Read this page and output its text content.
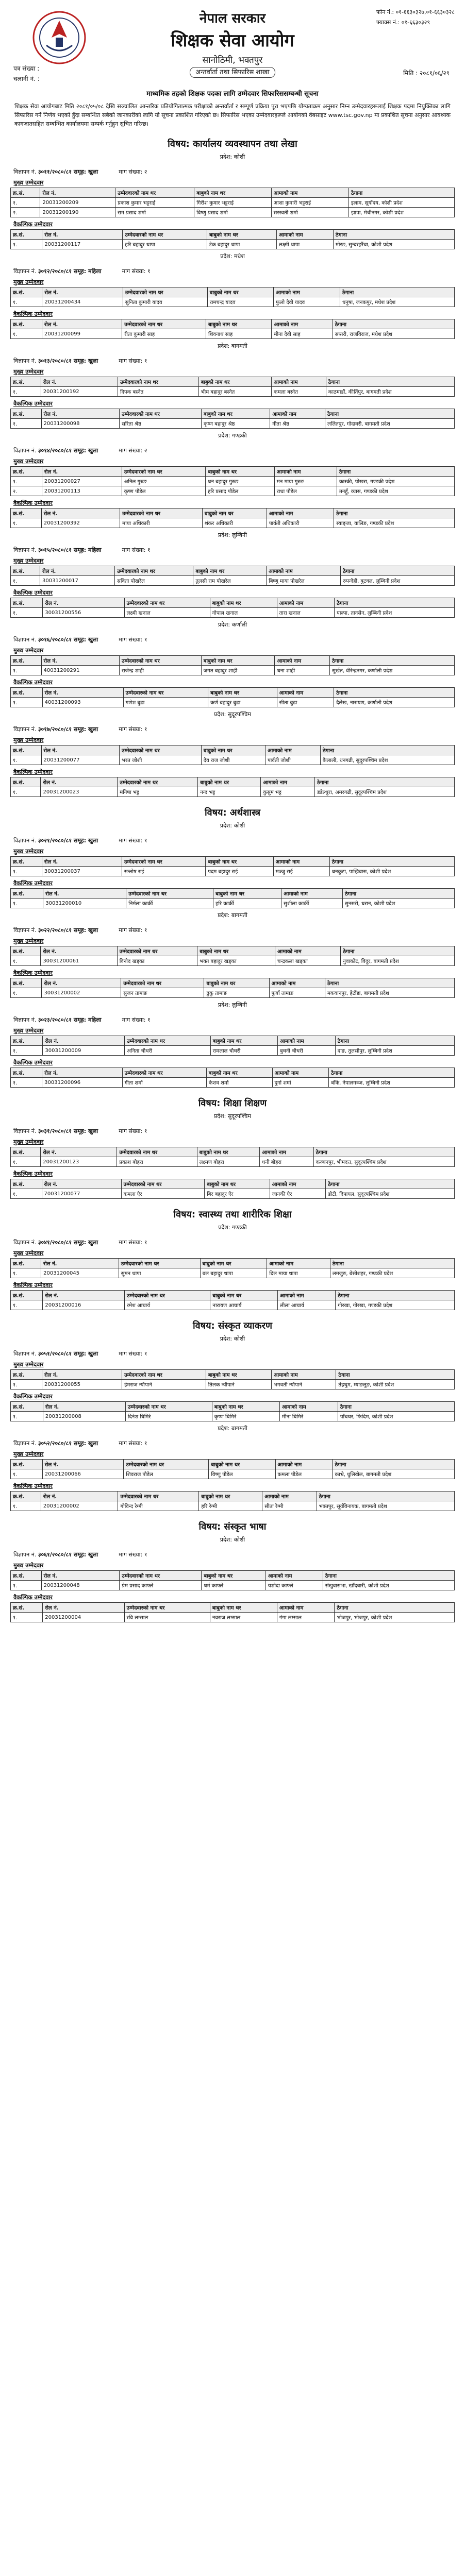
नेपाल सरकार
शिक्षक सेवा आयोग
सानोठिमी, भक्तपुर
फोन नं.: ०१-६६३०३२७,०१-६६३०३२८
फ्याक्स नं.: ०१-६६३०३२९
पत्र संख्या :
चलानी नं. :
अन्तर्वार्ता तथा सिफारिस शाखा	मिति : २०८१/०६/२९
माध्यमिक तहको शिक्षक पदका लागि उम्मेदवार सिफारिससम्बन्धी सूचना
शिक्षक सेवा आयोगबाट मिति २०८१/०५/०८ देखि सञ्चालित आन्तरिक प्रतियोगितात्मक परीक्षाको अन्तर्वार्ता र सम्पूर्ण प्रक्रिया पूरा भएपछि योग्यताक्रम अनुसार निम्न उम्मेदवारहरूलाई शिक्षक पदमा नियुक्तिका लागि सिफारिस गर्ने निर्णय भएको हुँदा सम्बन्धित सबैको जानकारीको लागि यो सूचना प्रकाशित गरिएको छ। सिफारिस भएका उम्मेदवारहरूले आयोगको वेबसाइट www.tsc.gov.np मा प्रकाशित सूचना अनुसार आवश्यक कागजातसहित सम्बन्धित कार्यालयमा सम्पर्क गर्नुहुन सूचित गरिन्छ।
विषय: कार्यालय व्यवस्थापन तथा लेखा
प्रदेश: कोशी
विज्ञापन नं. ३०११/२०८०/८१ समूह: खुला	माग संख्या: २
मुख्य उम्मेदवार
क्र.सं.	रोल नं.	उम्मेदवारको नाम थर	बाबुको नाम थर	आमाको नाम	ठेगाना
१.	20031200209	प्रकाश कुमार भट्टराई	गिरीश कुमार भट्टराई	आशा कुमारी भट्टराई	इलाम, सूर्योदय, कोशी प्रदेश
२.	20031200190	राम प्रसाद शर्मा	विष्णु प्रसाद शर्मा	सरस्वती शर्मा	झापा, मेचीनगर, कोशी प्रदेश
वैकल्पिक उम्मेदवार
क्र.सं.	रोल नं.	उम्मेदवारको नाम थर	बाबुको नाम थर	आमाको नाम	ठेगाना
१.	20031200117	हरि बहादुर थापा	टेक बहादुर थापा	लक्ष्मी थापा	मोरङ, सुन्दरहरैंचा, कोशी प्रदेश
प्रदेश: मधेश
विज्ञापन नं. ३०१२/२०८०/८१ समूह: महिला	माग संख्या: १
मुख्य उम्मेदवार
क्र.सं.	रोल नं.	उम्मेदवारको नाम थर	बाबुको नाम थर	आमाको नाम	ठेगाना
१.	20031200434	सुनिता कुमारी यादव	रामचन्द्र यादव	फुलो देवी यादव	धनुषा, जनकपुर, मधेश प्रदेश
वैकल्पिक उम्मेदवार
क्र.सं.	रोल नं.	उम्मेदवारको नाम थर	बाबुको नाम थर	आमाको नाम	ठेगाना
१.	20031200099	रीता कुमारी साह	शिवनाथ साह	मीना देवी साह	सप्तरी, राजविराज, मधेश प्रदेश
प्रदेश: बागमती
विज्ञापन नं. ३०१३/२०८०/८१ समूह: खुला	माग संख्या: १
मुख्य उम्मेदवार
क्र.सं.	रोल नं.	उम्मेदवारको नाम थर	बाबुको नाम थर	आमाको नाम	ठेगाना
१.	20031200192	दिपक बस्नेत	भीम बहादुर बस्नेत	कमला बस्नेत	काठमाडौं, कीर्तिपुर, बागमती प्रदेश
वैकल्पिक उम्मेदवार
क्र.सं.	रोल नं.	उम्मेदवारको नाम थर	बाबुको नाम थर	आमाको नाम	ठेगाना
१.	20031200098	सरिता श्रेष्ठ	कृष्ण बहादुर श्रेष्ठ	गीता श्रेष्ठ	ललितपुर, गोदावरी, बागमती प्रदेश
प्रदेश: गण्डकी
विज्ञापन नं. ३०१४/२०८०/८१ समूह: खुला	माग संख्या: २
मुख्य उम्मेदवार
क्र.सं.	रोल नं.	उम्मेदवारको नाम थर	बाबुको नाम थर	आमाको नाम	ठेगाना
१.	20031200027	अनिल गुरुङ	धन बहादुर गुरुङ	मन माया गुरुङ	कास्की, पोखरा, गण्डकी प्रदेश
२.	20031200113	कृष्ण पौडेल	हरि प्रसाद पौडेल	राधा पौडेल	तनहुँ, व्यास, गण्डकी प्रदेश
वैकल्पिक उम्मेदवार
क्र.सं.	रोल नं.	उम्मेदवारको नाम थर	बाबुको नाम थर	आमाको नाम	ठेगाना
१.	20031200392	माया अधिकारी	शंकर अधिकारी	पार्वती अधिकारी	स्याङ्जा, वालिङ, गण्डकी प्रदेश
प्रदेश: लुम्बिनी
विज्ञापन नं. ३०१५/२०८०/८१ समूह: महिला	माग संख्या: १
मुख्य उम्मेदवार
क्र.सं.	रोल नं.	उम्मेदवारको नाम थर	बाबुको नाम थर	आमाको नाम	ठेगाना
१.	30031200017	सविता पोखरेल	तुलसी राम पोखरेल	बिष्णु माया पोखरेल	रुपन्देही, बुटवल, लुम्बिनी प्रदेश
वैकल्पिक उम्मेदवार
क्र.सं.	रोल नं.	उम्मेदवारको नाम थर	बाबुको नाम थर	आमाको नाम	ठेगाना
१.	30031200556	लक्ष्मी खनाल	गोपाल खनाल	तारा खनाल	पाल्पा, तानसेन, लुम्बिनी प्रदेश
प्रदेश: कर्णाली
विज्ञापन नं. ३०१६/२०८०/८१ समूह: खुला	माग संख्या: १
मुख्य उम्मेदवार
क्र.सं.	रोल नं.	उम्मेदवारको नाम थर	बाबुको नाम थर	आमाको नाम	ठेगाना
१.	40031200291	राजेन्द्र शाही	जगत बहादुर शाही	धना शाही	सुर्खेत, वीरेन्द्रनगर, कर्णाली प्रदेश
वैकल्पिक उम्मेदवार
क्र.सं.	रोल नं.	उम्मेदवारको नाम थर	बाबुको नाम थर	आमाको नाम	ठेगाना
१.	40031200093	गणेश बुढा	कर्ण बहादुर बुढा	सीता बुढा	दैलेख, नारायण, कर्णाली प्रदेश
प्रदेश: सुदूरपश्चिम
विज्ञापन नं. ३०१७/२०८०/८१ समूह: खुला	माग संख्या: १
मुख्य उम्मेदवार
क्र.सं.	रोल नं.	उम्मेदवारको नाम थर	बाबुको नाम थर	आमाको नाम	ठेगाना
१.	20031200077	भरत जोशी	देव राज जोशी	पार्वती जोशी	कैलाली, धनगढी, सुदूरपश्चिम प्रदेश
वैकल्पिक उम्मेदवार
क्र.सं.	रोल नं.	उम्मेदवारको नाम थर	बाबुको नाम थर	आमाको नाम	ठेगाना
१.	20031200023	मनिषा भट्ट	नन्द भट्ट	कुसुम भट्ट	डडेल्धुरा, अमरगढी, सुदूरपश्चिम प्रदेश
विषय: अर्थशास्त्र
प्रदेश: कोशी
विज्ञापन नं. ३०२१/२०८०/८१ समूह: खुला	माग संख्या: १
मुख्य उम्मेदवार
क्र.सं.	रोल नं.	उम्मेदवारको नाम थर	बाबुको नाम थर	आमाको नाम	ठेगाना
१.	30031200037	सन्तोष राई	पदम बहादुर राई	मञ्जु राई	धनकुटा, पाख्रिबास, कोशी प्रदेश
वैकल्पिक उम्मेदवार
क्र.सं.	रोल नं.	उम्मेदवारको नाम थर	बाबुको नाम थर	आमाको नाम	ठेगाना
१.	30031200010	निर्मला कार्की	हरि कार्की	सुशीला कार्की	सुनसरी, धरान, कोशी प्रदेश
प्रदेश: बागमती
विज्ञापन नं. ३०२२/२०८०/८१ समूह: खुला	माग संख्या: १
मुख्य उम्मेदवार
क्र.सं.	रोल नं.	उम्मेदवारको नाम थर	बाबुको नाम थर	आमाको नाम	ठेगाना
१.	30031200061	विनोद खड्का	भक्त बहादुर खड्का	चन्द्रकला खड्का	नुवाकोट, विदुर, बागमती प्रदेश
वैकल्पिक उम्मेदवार
क्र.सं.	रोल नं.	उम्मेदवारको नाम थर	बाबुको नाम थर	आमाको नाम	ठेगाना
१.	30031200002	सुजन तामाङ	ढुकु तामाङ	फुर्बा तामाङ	मकवानपुर, हेटौंडा, बागमती प्रदेश
प्रदेश: लुम्बिनी
विज्ञापन नं. ३०२३/२०८०/८१ समूह: महिला	माग संख्या: १
मुख्य उम्मेदवार
क्र.सं.	रोल नं.	उम्मेदवारको नाम थर	बाबुको नाम थर	आमाको नाम	ठेगाना
१.	30031200009	अनिता चौधरी	रामलाल चौधरी	बुधनी चौधरी	दाङ, तुलसीपुर, लुम्बिनी प्रदेश
वैकल्पिक उम्मेदवार
क्र.सं.	रोल नं.	उम्मेदवारको नाम थर	बाबुको नाम थर	आमाको नाम	ठेगाना
१.	30031200096	गीता शर्मा	केशव शर्मा	दुर्गा शर्मा	बाँके, नेपालगञ्ज, लुम्बिनी प्रदेश
विषय: शिक्षा शिक्षण
प्रदेश: सुदूरपश्चिम
विज्ञापन नं. ३०३१/२०८०/८१ समूह: खुला	माग संख्या: १
मुख्य उम्मेदवार
क्र.सं.	रोल नं.	उम्मेदवारको नाम थर	बाबुको नाम थर	आमाको नाम	ठेगाना
१.	20031200123	प्रकाश बोहरा	लक्ष्मण बोहरा	धनी बोहरा	कञ्चनपुर, भीमदत्त, सुदूरपश्चिम प्रदेश
वैकल्पिक उम्मेदवार
क्र.सं.	रोल नं.	उम्मेदवारको नाम थर	बाबुको नाम थर	आमाको नाम	ठेगाना
१.	70031200077	कमला ऐर	बिर बहादुर ऐर	जानकी ऐर	डोटी, दिपायल, सुदूरपश्चिम प्रदेश
विषय: स्वास्थ्य तथा शारीरिक शिक्षा
प्रदेश: गण्डकी
विज्ञापन नं. ३०४१/२०८०/८१ समूह: खुला	माग संख्या: १
मुख्य उम्मेदवार
क्र.सं.	रोल नं.	उम्मेदवारको नाम थर	बाबुको नाम थर	आमाको नाम	ठेगाना
१.	20031200045	सुमन थापा	बल बहादुर थापा	दिल माया थापा	लमजुङ, बेसीशहर, गण्डकी प्रदेश
वैकल्पिक उम्मेदवार
क्र.सं.	रोल नं.	उम्मेदवारको नाम थर	बाबुको नाम थर	आमाको नाम	ठेगाना
१.	20031200016	रमेश आचार्य	नारायण आचार्य	लीला आचार्य	गोरखा, गोरखा, गण्डकी प्रदेश
विषय: संस्कृत व्याकरण
प्रदेश: कोशी
विज्ञापन नं. ३०५१/२०८०/८१ समूह: खुला	माग संख्या: १
मुख्य उम्मेदवार
क्र.सं.	रोल नं.	उम्मेदवारको नाम थर	बाबुको नाम थर	आमाको नाम	ठेगाना
१.	20031200055	हेमराज न्यौपाने	तिलक न्यौपाने	भगवती न्यौपाने	तेह्रथुम, म्याङलुङ, कोशी प्रदेश
वैकल्पिक उम्मेदवार
क्र.सं.	रोल नं.	उम्मेदवारको नाम थर	बाबुको नाम थर	आमाको नाम	ठेगाना
१.	20031200008	दिनेश घिमिरे	कृष्ण घिमिरे	मीना घिमिरे	पाँचथर, फिदिम, कोशी प्रदेश
प्रदेश: बागमती
विज्ञापन नं. ३०५२/२०८०/८१ समूह: खुला	माग संख्या: १
मुख्य उम्मेदवार
क्र.सं.	रोल नं.	उम्मेदवारको नाम थर	बाबुको नाम थर	आमाको नाम	ठेगाना
१.	20031200066	शिवराज पौडेल	विष्णु पौडेल	कमला पौडेल	काभ्रे, धुलिखेल, बागमती प्रदेश
वैकल्पिक उम्मेदवार
क्र.सं.	रोल नं.	उम्मेदवारको नाम थर	बाबुको नाम थर	आमाको नाम	ठेगाना
१.	20031200002	गोविन्द रेग्मी	हरि रेग्मी	सीता रेग्मी	भक्तपुर, सूर्यविनायक, बागमती प्रदेश
विषय: संस्कृत भाषा
प्रदेश: कोशी
विज्ञापन नं. ३०६१/२०८०/८१ समूह: खुला	माग संख्या: १
मुख्य उम्मेदवार
क्र.सं.	रोल नं.	उम्मेदवारको नाम थर	बाबुको नाम थर	आमाको नाम	ठेगाना
१.	20031200048	प्रेम प्रसाद काफ्ले	धर्म काफ्ले	यशोदा काफ्ले	संखुवासभा, खाँदबारी, कोशी प्रदेश
वैकल्पिक उम्मेदवार
क्र.सं.	रोल नं.	उम्मेदवारको नाम थर	बाबुको नाम थर	आमाको नाम	ठेगाना
१.	20031200004	रवि लम्साल	नवराज लम्साल	गंगा लम्साल	भोजपुर, भोजपुर, कोशी प्रदेश
